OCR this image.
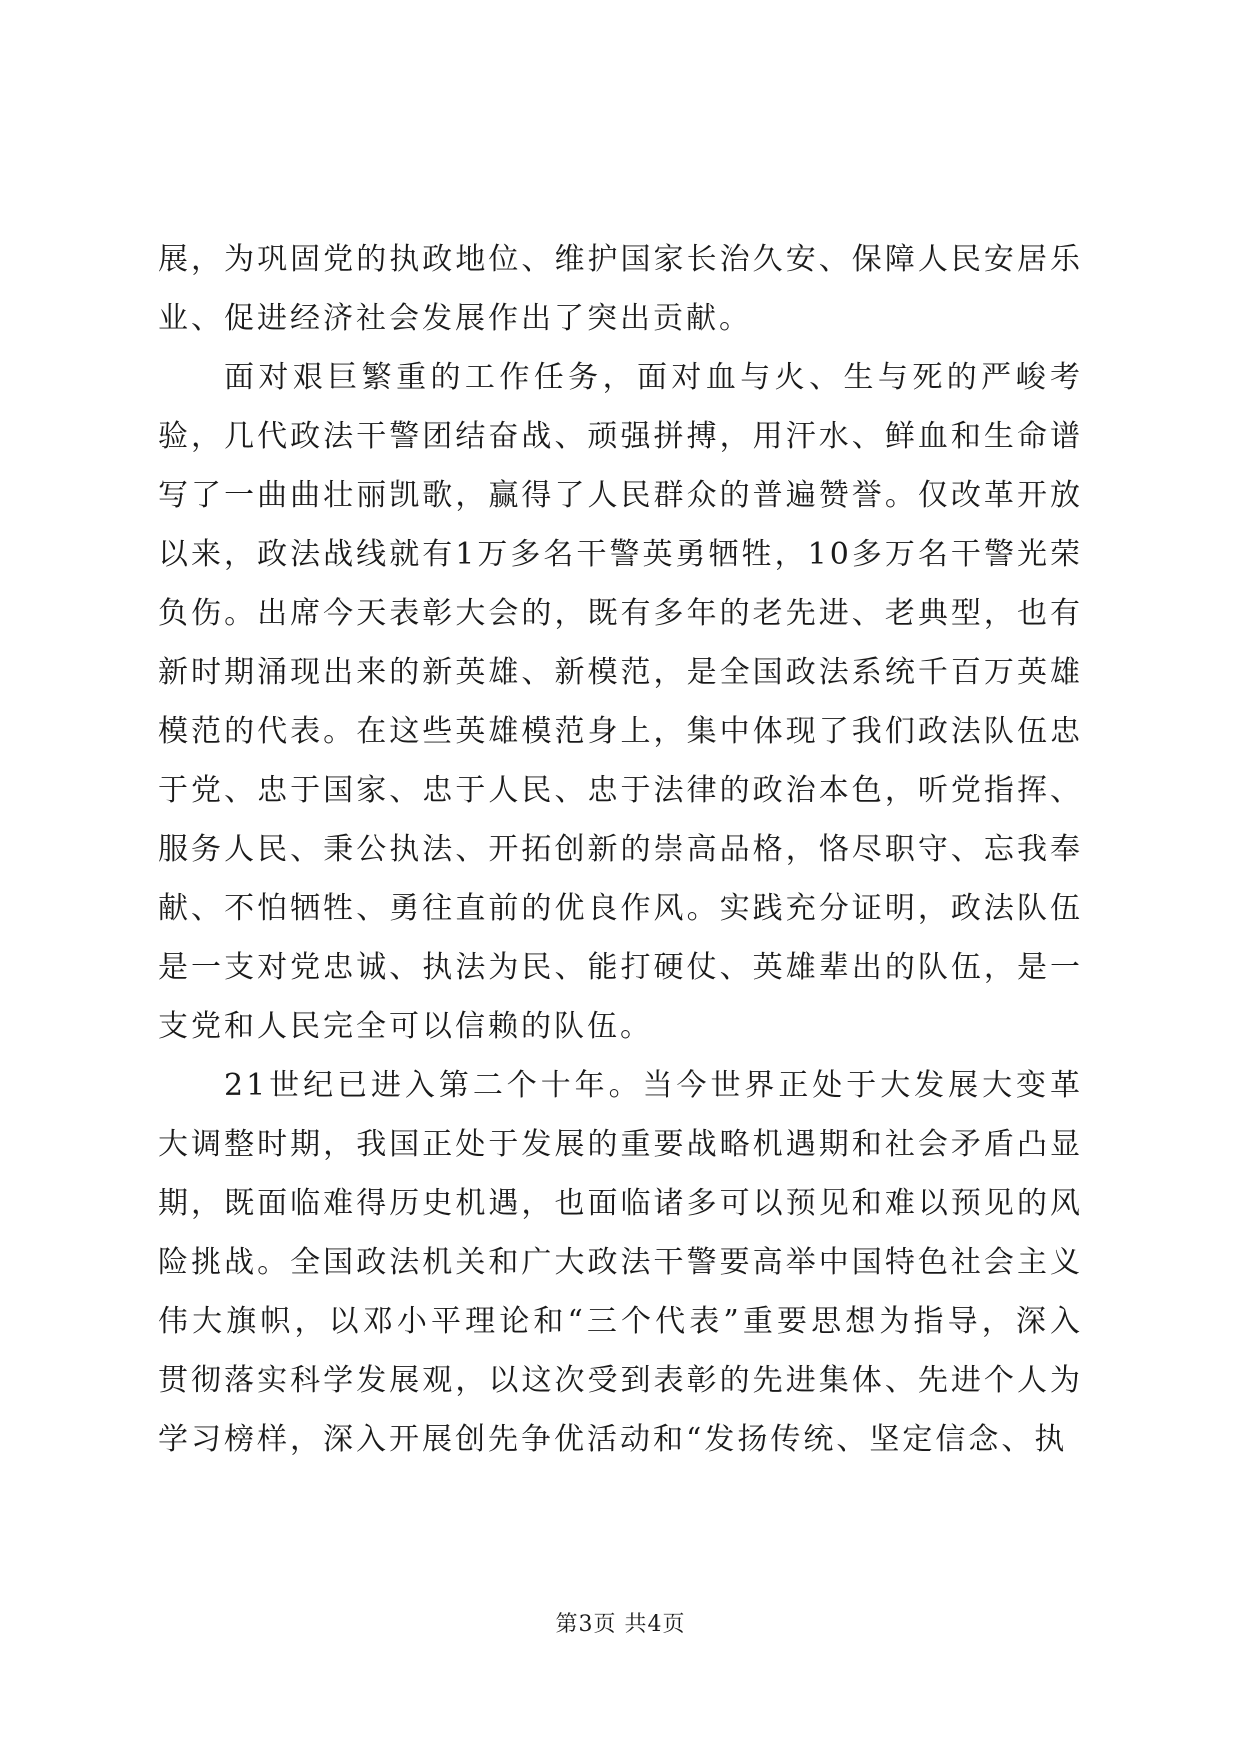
展，为巩固党的执政地位、维护国家长治久安、保障人民安居乐业、促进经济社会发展作出了突出贡献。

面对艰巨繁重的工作任务，面对血与火、生与死的严峻考验，几代政法干警团结奋战、顽强拼搏，用汗水、鲜血和生命谱写了一曲曲壮丽凯歌，赢得了人民群众的普遍赞誉。仅改革开放以来，政法战线就有1万多名干警英勇牺牲，10多万名干警光荣负伤。出席今天表彰大会的，既有多年的老先进、老典型，也有新时期涌现出来的新英雄、新模范，是全国政法系统千百万英雄模范的代表。在这些英雄模范身上，集中体现了我们政法队伍忠于党、忠于国家、忠于人民、忠于法律的政治本色，听党指挥、服务人民、秉公执法、开拓创新的崇高品格，恪尽职守、忘我奉献、不怕牺牲、勇往直前的优良作风。实践充分证明，政法队伍是一支对党忠诚、执法为民、能打硬仗、英雄辈出的队伍，是一支党和人民完全可以信赖的队伍。

21世纪已进入第二个十年。当今世界正处于大发展大变革大调整时期，我国正处于发展的重要战略机遇期和社会矛盾凸显期，既面临难得历史机遇，也面临诸多可以预见和难以预见的风险挑战。全国政法机关和广大政法干警要高举中国特色社会主义伟大旗帜，以邓小平理论和“三个代表”重要思想为指导，深入贯彻落实科学发展观，以这次受到表彰的先进集体、先进个人为学习榜样，深入开展创先争优活动和“发扬传统、坚定信念、执

第3页 共4页
